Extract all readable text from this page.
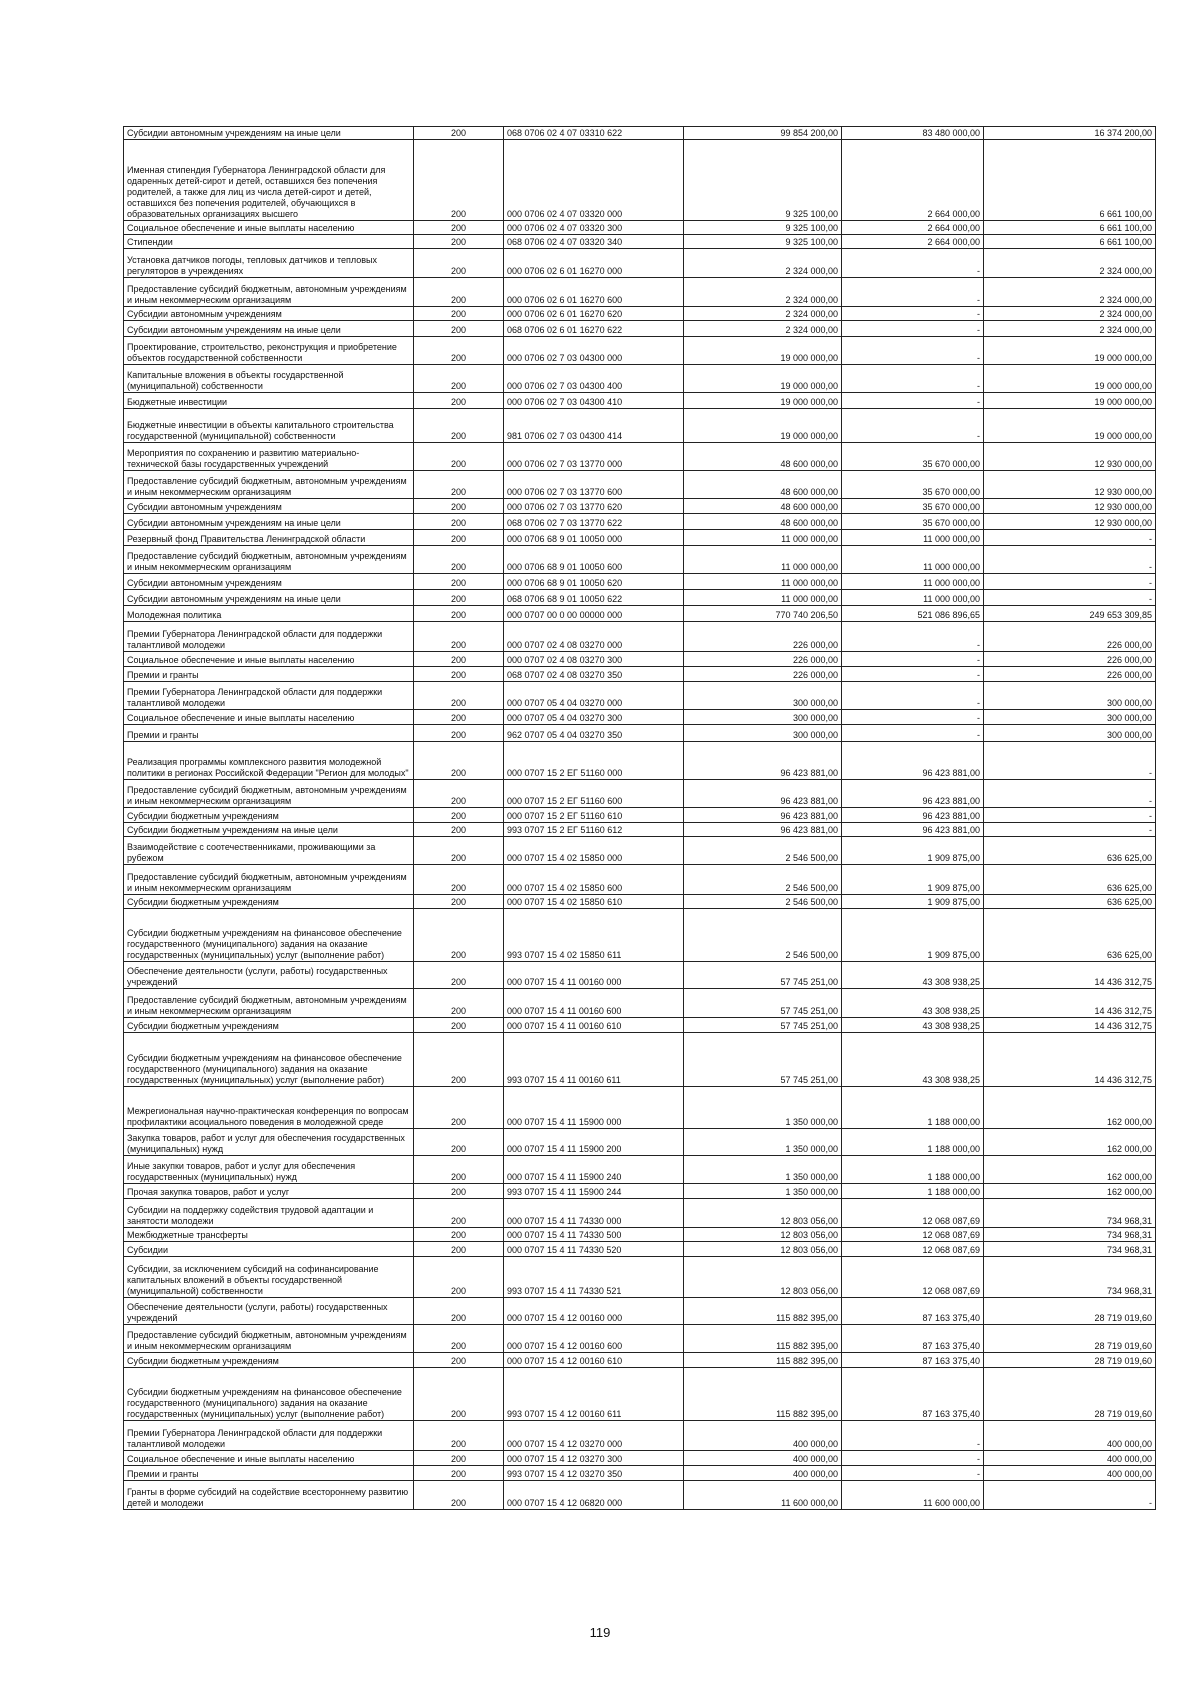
Субсидии автономным учреждениям на иные цели	200	068 0706 02 4 07 03310 622	99 854 200,00	83 480 000,00	16 374 200,00
Именная стипендия Губернатора Ленинградской области для одаренных детей-сирот и детей, оставшихся без попечения родителей, а также для лиц из числа детей-сирот и детей, оставшихся без попечения родителей, обучающихся в образовательных организациях высшего	200	000 0706 02 4 07 03320 000	9 325 100,00	2 664 000,00	6 661 100,00
Социальное обеспечение и иные выплаты населению	200	000 0706 02 4 07 03320 300	9 325 100,00	2 664 000,00	6 661 100,00
Стипендии	200	068 0706 02 4 07 03320 340	9 325 100,00	2 664 000,00	6 661 100,00
Установка датчиков погоды, тепловых датчиков и тепловых регуляторов в учреждениях	200	000 0706 02 6 01 16270 000	2 324 000,00	-	2 324 000,00
Предоставление субсидий бюджетным, автономным учреждениям и иным некоммерческим организациям	200	000 0706 02 6 01 16270 600	2 324 000,00	-	2 324 000,00
Субсидии автономным учреждениям	200	000 0706 02 6 01 16270 620	2 324 000,00	-	2 324 000,00
Субсидии автономным учреждениям на иные цели	200	068 0706 02 6 01 16270 622	2 324 000,00	-	2 324 000,00
Проектирование, строительство, реконструкция и приобретение объектов государственной собственности	200	000 0706 02 7 03 04300 000	19 000 000,00	-	19 000 000,00
Капитальные вложения в объекты государственной (муниципальной) собственности	200	000 0706 02 7 03 04300 400	19 000 000,00	-	19 000 000,00
Бюджетные инвестиции	200	000 0706 02 7 03 04300 410	19 000 000,00	-	19 000 000,00
Бюджетные инвестиции в объекты капитального строительства государственной (муниципальной) собственности	200	981 0706 02 7 03 04300 414	19 000 000,00	-	19 000 000,00
Мероприятия по сохранению и развитию материально-технической базы государственных учреждений	200	000 0706 02 7 03 13770 000	48 600 000,00	35 670 000,00	12 930 000,00
Предоставление субсидий бюджетным, автономным учреждениям и иным некоммерческим организациям	200	000 0706 02 7 03 13770 600	48 600 000,00	35 670 000,00	12 930 000,00
Субсидии автономным учреждениям	200	000 0706 02 7 03 13770 620	48 600 000,00	35 670 000,00	12 930 000,00
Субсидии автономным учреждениям на иные цели	200	068 0706 02 7 03 13770 622	48 600 000,00	35 670 000,00	12 930 000,00
Резервный фонд Правительства Ленинградской области	200	000 0706 68 9 01 10050 000	11 000 000,00	11 000 000,00	-
Предоставление субсидий бюджетным, автономным учреждениям и иным некоммерческим организациям	200	000 0706 68 9 01 10050 600	11 000 000,00	11 000 000,00	-
Субсидии автономным учреждениям	200	000 0706 68 9 01 10050 620	11 000 000,00	11 000 000,00	-
Субсидии автономным учреждениям на иные цели	200	068 0706 68 9 01 10050 622	11 000 000,00	11 000 000,00	-
Молодежная политика	200	000 0707 00 0 00 00000 000	770 740 206,50	521 086 896,65	249 653 309,85
Премии Губернатора Ленинградской области для поддержки талантливой молодежи	200	000 0707 02 4 08 03270 000	226 000,00	-	226 000,00
Социальное обеспечение и иные выплаты населению	200	000 0707 02 4 08 03270 300	226 000,00	-	226 000,00
Премии и гранты	200	068 0707 02 4 08 03270 350	226 000,00	-	226 000,00
Премии Губернатора Ленинградской области для поддержки талантливой молодежи	200	000 0707 05 4 04 03270 000	300 000,00	-	300 000,00
Социальное обеспечение и иные выплаты населению	200	000 0707 05 4 04 03270 300	300 000,00	-	300 000,00
Премии и гранты	200	962 0707 05 4 04 03270 350	300 000,00	-	300 000,00
Реализация программы комплексного развития молодежной политики в регионах Российской Федерации "Регион для молодых"	200	000 0707 15 2 ЕГ 51160 000	96 423 881,00	96 423 881,00	-
Предоставление субсидий бюджетным, автономным учреждениям и иным некоммерческим организациям	200	000 0707 15 2 ЕГ 51160 600	96 423 881,00	96 423 881,00	-
Субсидии бюджетным учреждениям	200	000 0707 15 2 ЕГ 51160 610	96 423 881,00	96 423 881,00	-
Субсидии бюджетным учреждениям на иные цели	200	993 0707 15 2 ЕГ 51160 612	96 423 881,00	96 423 881,00	-
Взаимодействие с соотечественниками, проживающими за рубежом	200	000 0707 15 4 02 15850 000	2 546 500,00	1 909 875,00	636 625,00
Предоставление субсидий бюджетным, автономным учреждениям и иным некоммерческим организациям	200	000 0707 15 4 02 15850 600	2 546 500,00	1 909 875,00	636 625,00
Субсидии бюджетным учреждениям	200	000 0707 15 4 02 15850 610	2 546 500,00	1 909 875,00	636 625,00
Субсидии бюджетным учреждениям на финансовое обеспечение государственного (муниципального) задания на оказание государственных (муниципальных) услуг (выполнение работ)	200	993 0707 15 4 02 15850 611	2 546 500,00	1 909 875,00	636 625,00
Обеспечение деятельности (услуги, работы) государственных учреждений	200	000 0707 15 4 11 00160 000	57 745 251,00	43 308 938,25	14 436 312,75
Предоставление субсидий бюджетным, автономным учреждениям и иным некоммерческим организациям	200	000 0707 15 4 11 00160 600	57 745 251,00	43 308 938,25	14 436 312,75
Субсидии бюджетным учреждениям	200	000 0707 15 4 11 00160 610	57 745 251,00	43 308 938,25	14 436 312,75
Субсидии бюджетным учреждениям на финансовое обеспечение государственного (муниципального) задания на оказание государственных (муниципальных) услуг (выполнение работ)	200	993 0707 15 4 11 00160 611	57 745 251,00	43 308 938,25	14 436 312,75
Межрегиональная научно-практическая конференция по вопросам профилактики асоциального поведения в молодежной среде	200	000 0707 15 4 11 15900 000	1 350 000,00	1 188 000,00	162 000,00
Закупка товаров, работ и услуг для обеспечения государственных (муниципальных) нужд	200	000 0707 15 4 11 15900 200	1 350 000,00	1 188 000,00	162 000,00
Иные закупки товаров, работ и услуг для обеспечения государственных (муниципальных) нужд	200	000 0707 15 4 11 15900 240	1 350 000,00	1 188 000,00	162 000,00
Прочая закупка товаров, работ и услуг	200	993 0707 15 4 11 15900 244	1 350 000,00	1 188 000,00	162 000,00
Субсидии на поддержку содействия трудовой адаптации и занятости молодежи	200	000 0707 15 4 11 74330 000	12 803 056,00	12 068 087,69	734 968,31
Межбюджетные трансферты	200	000 0707 15 4 11 74330 500	12 803 056,00	12 068 087,69	734 968,31
Субсидии	200	000 0707 15 4 11 74330 520	12 803 056,00	12 068 087,69	734 968,31
Субсидии, за исключением субсидий на софинансирование капитальных вложений в объекты государственной (муниципальной) собственности	200	993 0707 15 4 11 74330 521	12 803 056,00	12 068 087,69	734 968,31
Обеспечение деятельности (услуги, работы) государственных учреждений	200	000 0707 15 4 12 00160 000	115 882 395,00	87 163 375,40	28 719 019,60
Предоставление субсидий бюджетным, автономным учреждениям и иным некоммерческим организациям	200	000 0707 15 4 12 00160 600	115 882 395,00	87 163 375,40	28 719 019,60
Субсидии бюджетным учреждениям	200	000 0707 15 4 12 00160 610	115 882 395,00	87 163 375,40	28 719 019,60
Субсидии бюджетным учреждениям на финансовое обеспечение государственного (муниципального) задания на оказание государственных (муниципальных) услуг (выполнение работ)	200	993 0707 15 4 12 00160 611	115 882 395,00	87 163 375,40	28 719 019,60
Премии Губернатора Ленинградской области для поддержки талантливой молодежи	200	000 0707 15 4 12 03270 000	400 000,00	-	400 000,00
Социальное обеспечение и иные выплаты населению	200	000 0707 15 4 12 03270 300	400 000,00	-	400 000,00
Премии и гранты	200	993 0707 15 4 12 03270 350	400 000,00	-	400 000,00
Гранты в форме субсидий на содействие всестороннему развитию детей и молодежи	200	000 0707 15 4 12 06820 000	11 600 000,00	11 600 000,00	-
119
